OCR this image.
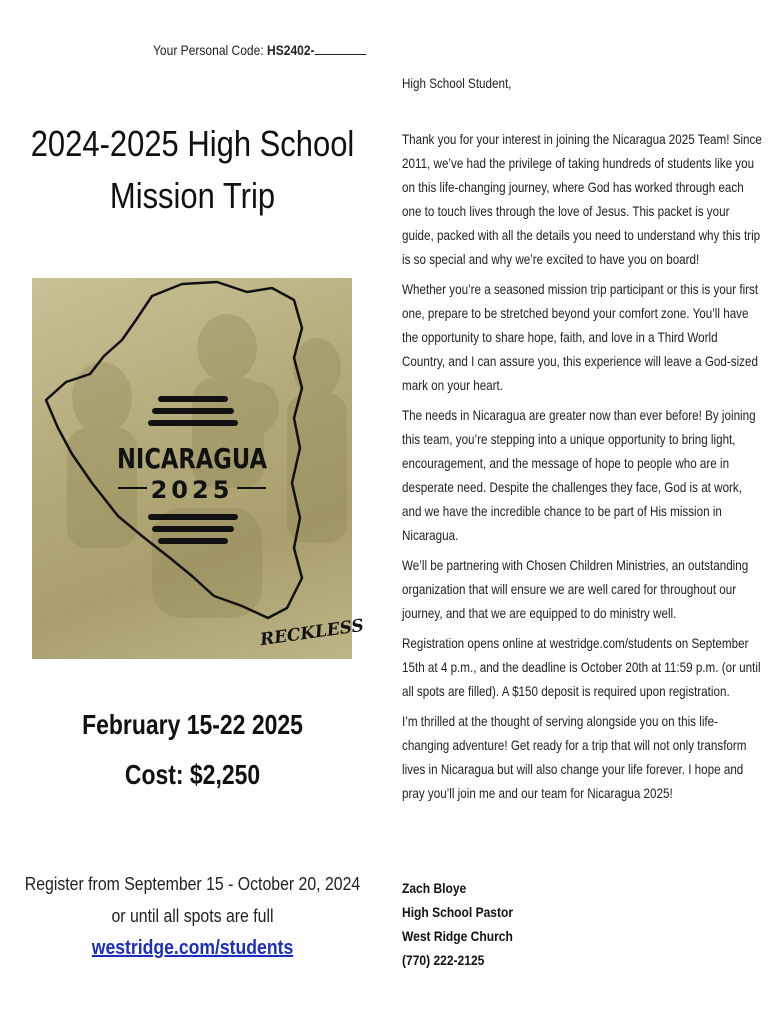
Your Personal Code: HS2402-
2024-2025 High School
Mission Trip
NICARAGUA
2025
RECKLESS
February 15-22 2025
Cost: $2,250
Register from September 15 - October 20, 2024
or until all spots are full
westridge.com/students
High School Student,

Thank you for your interest in joining the Nicaragua 2025 Team! Since 2011, we’ve had the privilege of taking hundreds of students like you on this life-changing journey, where God has worked through each one to touch lives through the love of Jesus. This packet is your guide, packed with all the details you need to understand why this trip is so special and why we’re excited to have you on board!

Whether you’re a seasoned mission trip participant or this is your first one, prepare to be stretched beyond your comfort zone. You’ll have the opportunity to share hope, faith, and love in a Third World Country, and I can assure you, this experience will leave a God-sized mark on your heart.

The needs in Nicaragua are greater now than ever before! By joining this team, you’re stepping into a unique opportunity to bring light, encouragement, and the message of hope to people who are in desperate need. Despite the challenges they face, God is at work, and we have the incredible chance to be part of His mission in Nicaragua.

We’ll be partnering with Chosen Children Ministries, an outstanding organization that will ensure we are well cared for throughout our journey, and that we are equipped to do ministry well.

Registration opens online at westridge.com/students on September 15th at 4 p.m., and the deadline is October 20th at 11:59 p.m. (or until all spots are filled). A $150 deposit is required upon registration.

I’m thrilled at the thought of serving alongside you on this life-changing adventure! Get ready for a trip that will not only transform lives in Nicaragua but will also change your life forever. I hope and pray you’ll join me and our team for Nicaragua 2025!

Zach Bloye
High School Pastor
West Ridge Church
(770) 222-2125
